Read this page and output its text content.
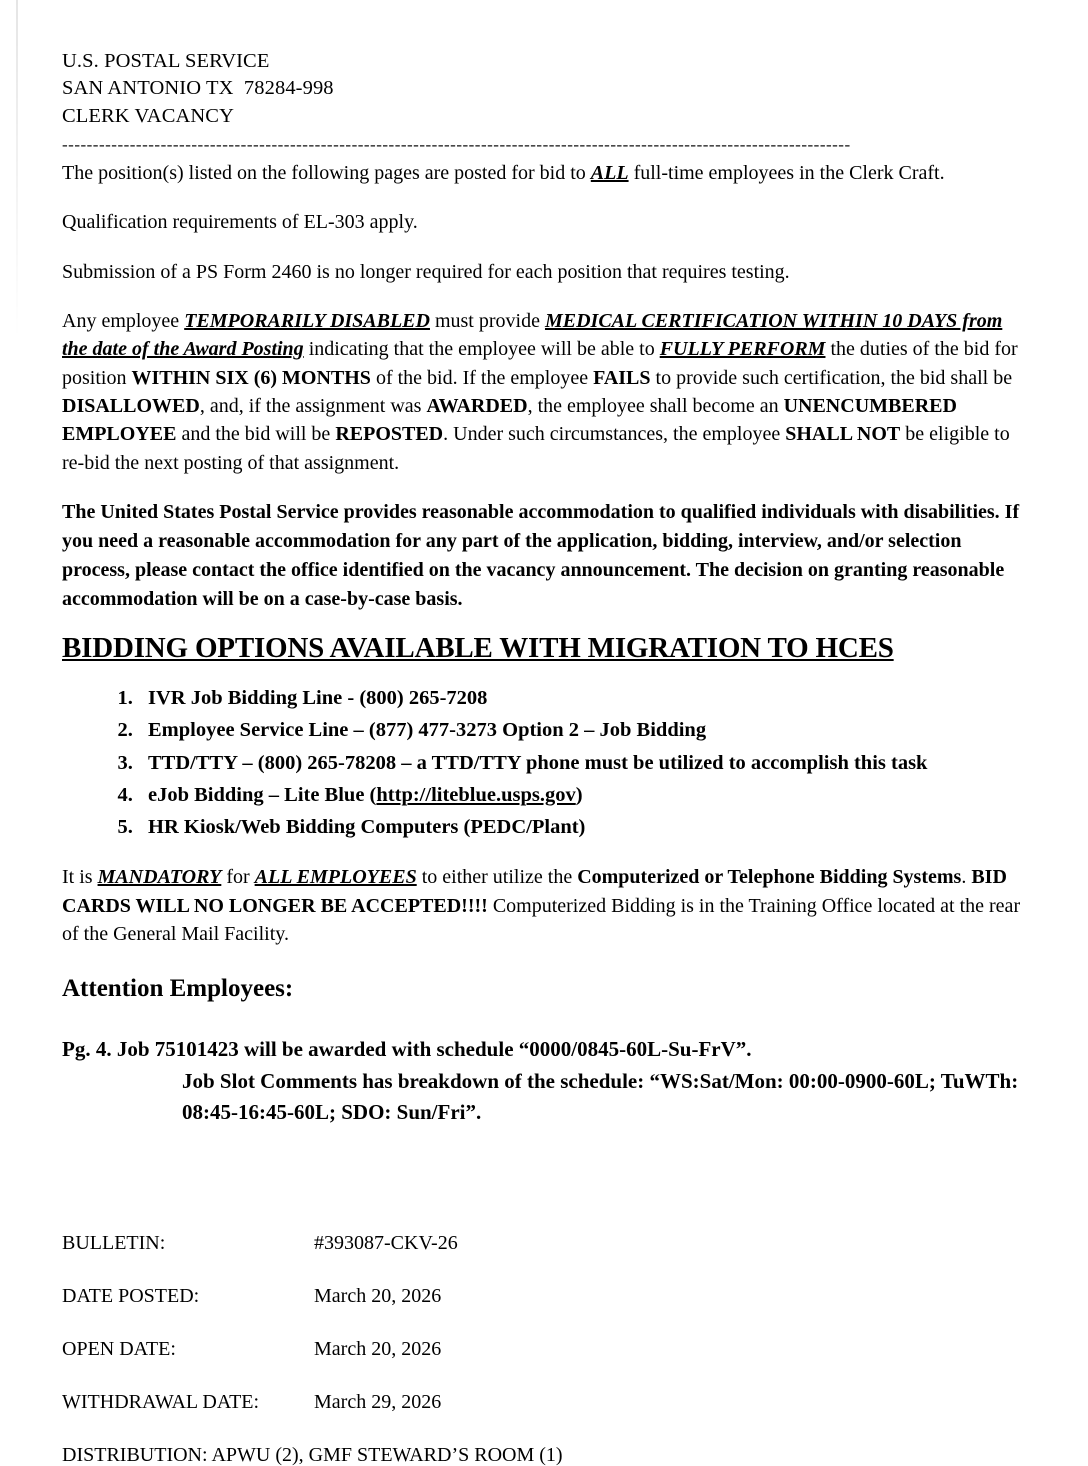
U.S. POSTAL SERVICE
SAN ANTONIO TX  78284-998
CLERK VACANCY
--------------------------------------------------------------------------------------------------------------------------------

The position(s) listed on the following pages are posted for bid to ALL full-time employees in the Clerk Craft.

Qualification requirements of EL-303 apply.

Submission of a PS Form 2460 is no longer required for each position that requires testing.

Any employee TEMPORARILY DISABLED must provide MEDICAL CERTIFICATION WITHIN 10 DAYS from the date of the Award Posting indicating that the employee will be able to FULLY PERFORM the duties of the bid for position WITHIN SIX (6) MONTHS of the bid. If the employee FAILS to provide such certification, the bid shall be DISALLOWED, and, if the assignment was AWARDED, the employee shall become an UNENCUMBERED EMPLOYEE and the bid will be REPOSTED. Under such circumstances, the employee SHALL NOT be eligible to re-bid the next posting of that assignment.

The United States Postal Service provides reasonable accommodation to qualified individuals with disabilities. If you need a reasonable accommodation for any part of the application, bidding, interview, and/or selection process, please contact the office identified on the vacancy announcement. The decision on granting reasonable accommodation will be on a case-by-case basis.

BIDDING OPTIONS AVAILABLE WITH MIGRATION TO HCES
1. IVR Job Bidding Line - (800) 265-7208
2. Employee Service Line – (877) 477-3273 Option 2 – Job Bidding
3. TTD/TTY – (800) 265-78208 – a TTD/TTY phone must be utilized to accomplish this task
4. eJob Bidding – Lite Blue (http://liteblue.usps.gov)
5. HR Kiosk/Web Bidding Computers (PEDC/Plant)

It is MANDATORY for ALL EMPLOYEES to either utilize the Computerized or Telephone Bidding Systems. BID CARDS WILL NO LONGER BE ACCEPTED!!!! Computerized Bidding is in the Training Office located at the rear of the General Mail Facility.

Attention Employees:
Pg. 4. Job 75101423 will be awarded with schedule “0000/0845-60L-Su-FrV”.
Job Slot Comments has breakdown of the schedule: “WS:Sat/Mon: 00:00-0900-60L; TuWTh: 08:45-16:45-60L; SDO: Sun/Fri”.
BULLETIN:	#393087-CKV-26
DATE POSTED:	March 20, 2026
OPEN DATE:	March 20, 2026
WITHDRAWAL DATE:	March 29, 2026
DISTRIBUTION: APWU (2), GMF STEWARD’S ROOM (1)
